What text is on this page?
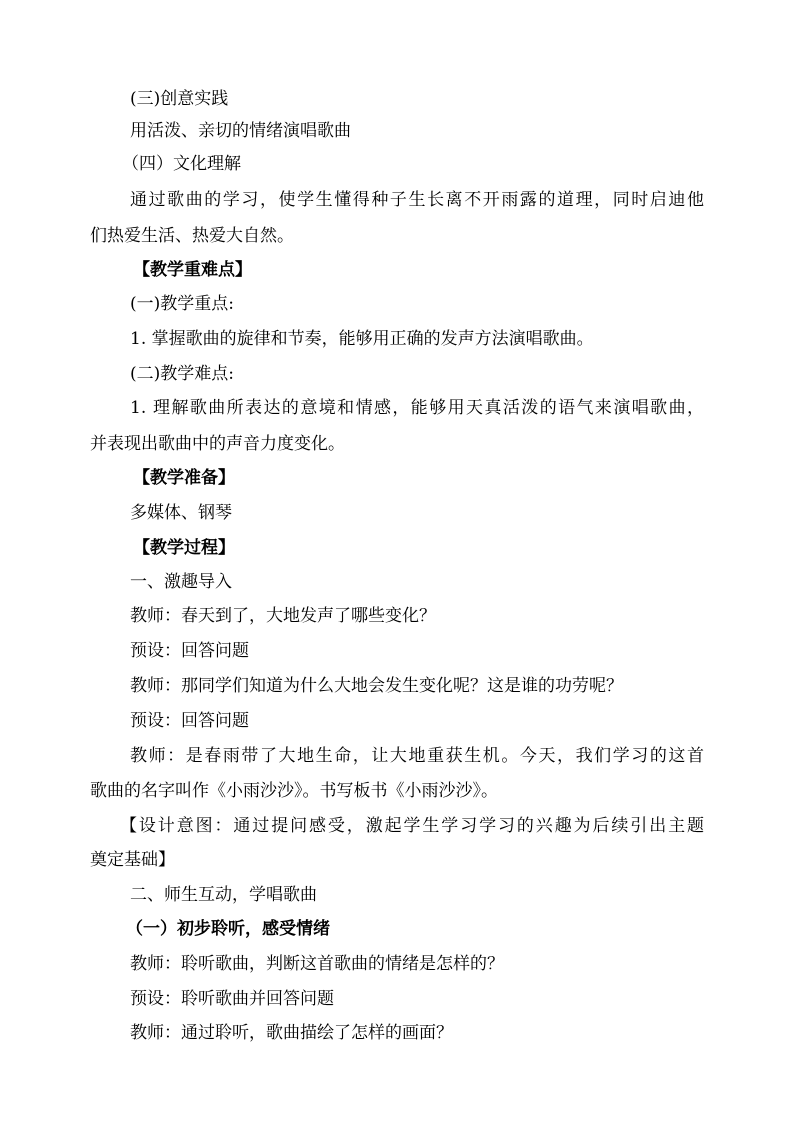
(三)创意实践

用活泼、亲切的情绪演唱歌曲

（四）文化理解

通过歌曲的学习，使学生懂得种子生长离不开雨露的道理，同时启迪他

们热爱生活、热爱大自然。

【教学重难点】

(一)教学重点:

1. 掌握歌曲的旋律和节奏，能够用正确的发声方法演唱歌曲。

(二)教学难点:

1. 理解歌曲所表达的意境和情感，能够用天真活泼的语气来演唱歌曲，

并表现出歌曲中的声音力度变化。

【教学准备】

多媒体、钢琴

【教学过程】

一、激趣导入

教师：春天到了，大地发声了哪些变化？

预设：回答问题

教师：那同学们知道为什么大地会发生变化呢？这是谁的功劳呢？

预设：回答问题

教师：是春雨带了大地生命，让大地重获生机。今天，我们学习的这首

歌曲的名字叫作《小雨沙沙》。书写板书《小雨沙沙》。

【设计意图：通过提问感受，激起学生学习学习的兴趣为后续引出主题

奠定基础】

二、师生互动，学唱歌曲

（一）初步聆听，感受情绪

教师：聆听歌曲，判断这首歌曲的情绪是怎样的？

预设：聆听歌曲并回答问题

教师：通过聆听，歌曲描绘了怎样的画面？
